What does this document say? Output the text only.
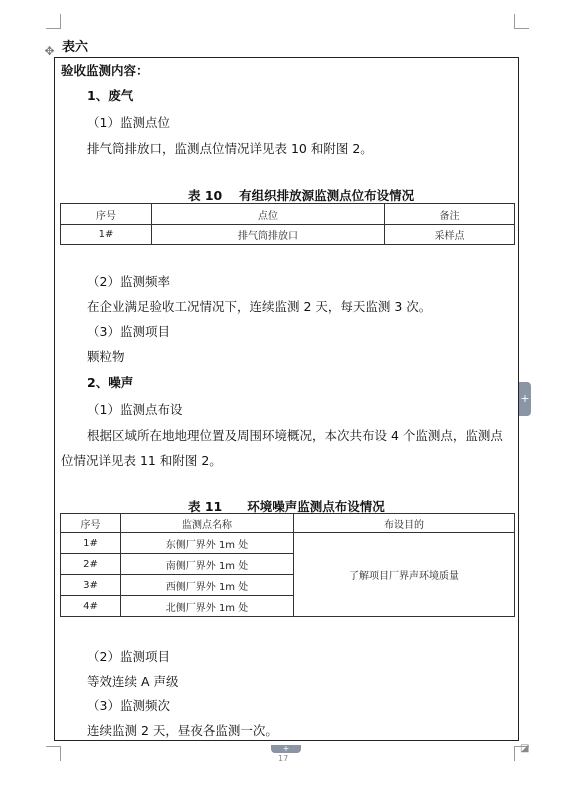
✥ 表六
验收监测内容：
1、废气
（1）监测点位
排气筒排放口，监测点位情况详见表 10 和附图 2。
表 10　 有组织排放源监测点位布设情况
序号	点位	备注
1#	排气筒排放口	采样点
（2）监测频率
在企业满足验收工况情况下，连续监测 2 天，每天监测 3 次。
（3）监测项目
颗粒物
2、噪声
（1）监测点布设
根据区域所在地地理位置及周围环境概况，本次共布设 4 个监测点，监测点
位情况详见表 11 和附图 2。
表 11　　环境噪声监测点布设情况
序号	监测点名称	布设目的
1#	东侧厂界外 1m 处	了解项目厂界声环境质量
2#	南侧厂界外 1m 处	
3#	西侧厂界外 1m 处	
4#	北侧厂界外 1m 处	
（2）监测项目
等效连续 A 声级
（3）监测频次
连续监测 2 天，昼夜各监测一次。
+
+
17
◪
